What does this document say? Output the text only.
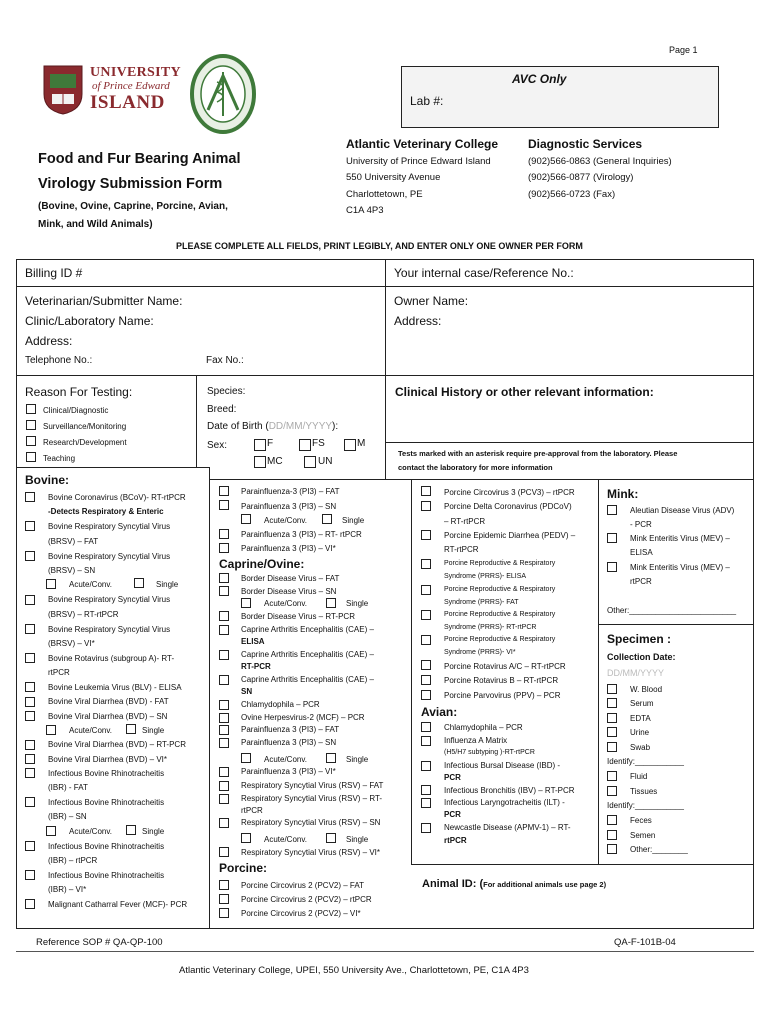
Page 1
UNIVERSITY
of Prince Edward
ISLAND
AVC Only
Lab #:
Atlantic Veterinary College
University of Prince Edward Island
550 University Avenue
Charlottetown, PE
C1A 4P3
Diagnostic Services
(902)566-0863 (General Inquiries)
(902)566-0877 (Virology)
(902)566-0723 (Fax)
Food and Fur Bearing Animal
Virology Submission Form
(Bovine, Ovine, Caprine, Porcine, Avian,
Mink, and Wild Animals)
PLEASE COMPLETE ALL FIELDS, PRINT LEGIBLY, AND ENTER ONLY ONE OWNER PER FORM
Billing ID #	Your internal case/Reference No.:
Veterinarian/Submitter Name:
Clinic/Laboratory Name:
Address:
Telephone No.:	Fax No.:
Owner Name:
Address:
Reason For Testing:
Clinical/Diagnostic
Surveillance/Monitoring
Research/Development
Teaching
Species:
Breed:
Date of Birth (DD/MM/YYYY):
Sex:	F	FS	M
MC	UN
Clinical History or other relevant information:
Tests marked with an asterisk require pre-approval from the laboratory. Please
contact the laboratory for more information
Bovine:
Bovine Coronavirus (BCoV)- RT-rtPCR
-Detects Respiratory & Enteric
Bovine Respiratory Syncytial Virus
(BRSV) – FAT
Bovine Respiratory Syncytial Virus
(BRSV) – SN
Acute/Conv.	Single
Bovine Respiratory Syncytial Virus
(BRSV) – RT-rtPCR
Bovine Respiratory Syncytial Virus
(BRSV) – VI*
Bovine Rotavirus (subgroup A)- RT-
rtPCR
Bovine Leukemia Virus (BLV) - ELISA
Bovine Viral Diarrhea (BVD) - FAT
Bovine Viral Diarrhea (BVD) – SN
Acute/Conv.	Single
Bovine Viral Diarrhea (BVD) – RT-PCR
Bovine Viral Diarrhea (BVD) – VI*
Infectious Bovine Rhinotracheitis
(IBR) - FAT
Infectious Bovine Rhinotracheitis
(IBR) – SN
Acute/Conv.	Single
Infectious Bovine Rhinotracheitis
(IBR) – rtPCR
Infectious Bovine Rhinotracheitis
(IBR) – VI*
Malignant Catharral Fever (MCF)- PCR
Parainfluenza-3 (PI3) – FAT
Parainfluenza 3 (PI3) – SN
Acute/Conv.	Single
Parainfluenza 3 (PI3) – RT- rtPCR
Parainfluenza 3 (PI3) – VI*
Caprine/Ovine:
Border Disease Virus – FAT
Border Disease Virus – SN
Acute/Conv.	Single
Border Disease Virus – RT-PCR
Caprine Arthritis Encephalitis (CAE) –
ELISA
Caprine Arthritis Encephalitis (CAE) –
RT-PCR
Caprine Arthritis Encephalitis (CAE) –
SN
Chlamydophila – PCR
Ovine Herpesvirus-2 (MCF) – PCR
Parainfluenza 3 (PI3) – FAT
Parainfluenza 3 (PI3) – SN
Acute/Conv.	Single
Parainfluenza 3 (PI3) – VI*
Respiratory Syncytial Virus (RSV) – FAT
Respiratory Syncytial Virus (RSV) – RT-
rtPCR
Respiratory Syncytial Virus (RSV) – SN
Acute/Conv.	Single
Respiratory Syncytial Virus (RSV) – VI*
Porcine:
Porcine Circovirus 2 (PCV2) – FAT
Porcine Circovirus 2 (PCV2) – rtPCR
Porcine Circovirus 2 (PCV2) – VI*
Porcine Circovirus 3 (PCV3) – rtPCR
Porcine Delta Coronavirus (PDCoV)
– RT-rtPCR
Porcine Epidemic Diarrhea (PEDV) –
RT-rtPCR
Porcine Reproductive & Respiratory
Syndrome (PRRS)- ELISA
Porcine Reproductive & Respiratory
Syndrome (PRRS)- FAT
Porcine Reproductive & Respiratory
Syndrome (PRRS)- RT-rtPCR
Porcine Reproductive & Respiratory
Syndrome (PRRS)- VI*
Porcine Rotavirus A/C – RT-rtPCR
Porcine Rotavirus B – RT-rtPCR
Porcine Parvovirus (PPV) – PCR
Avian:
Chlamydophila – PCR
Influenza A Matrix
(H5/H7 subtyping )-RT-rtPCR
Infectious Bursal Disease (IBD) -
PCR
Infectious Bronchitis (IBV) – RT-PCR
Infectious Laryngotracheitis (ILT) -
PCR
Newcastle Disease (APMV-1) – RT-
rtPCR
Mink:
Aleutian Disease Virus (ADV)
- PCR
Mink Enteritis Virus (MEV) –
ELISA
Mink Enteritis Virus (MEV) –
rtPCR
Other:________________________
Specimen :
Collection Date:
DD/MM/YYYY
W. Blood
Serum
EDTA
Urine
Swab
Identify:___________
Fluid
Tissues
Identify:___________
Feces
Semen
Other:________
Animal ID: (For additional animals use page 2)
Reference SOP # QA-QP-100	QA-F-101B-04
Atlantic Veterinary College, UPEI, 550 University Ave., Charlottetown, PE, C1A 4P3
